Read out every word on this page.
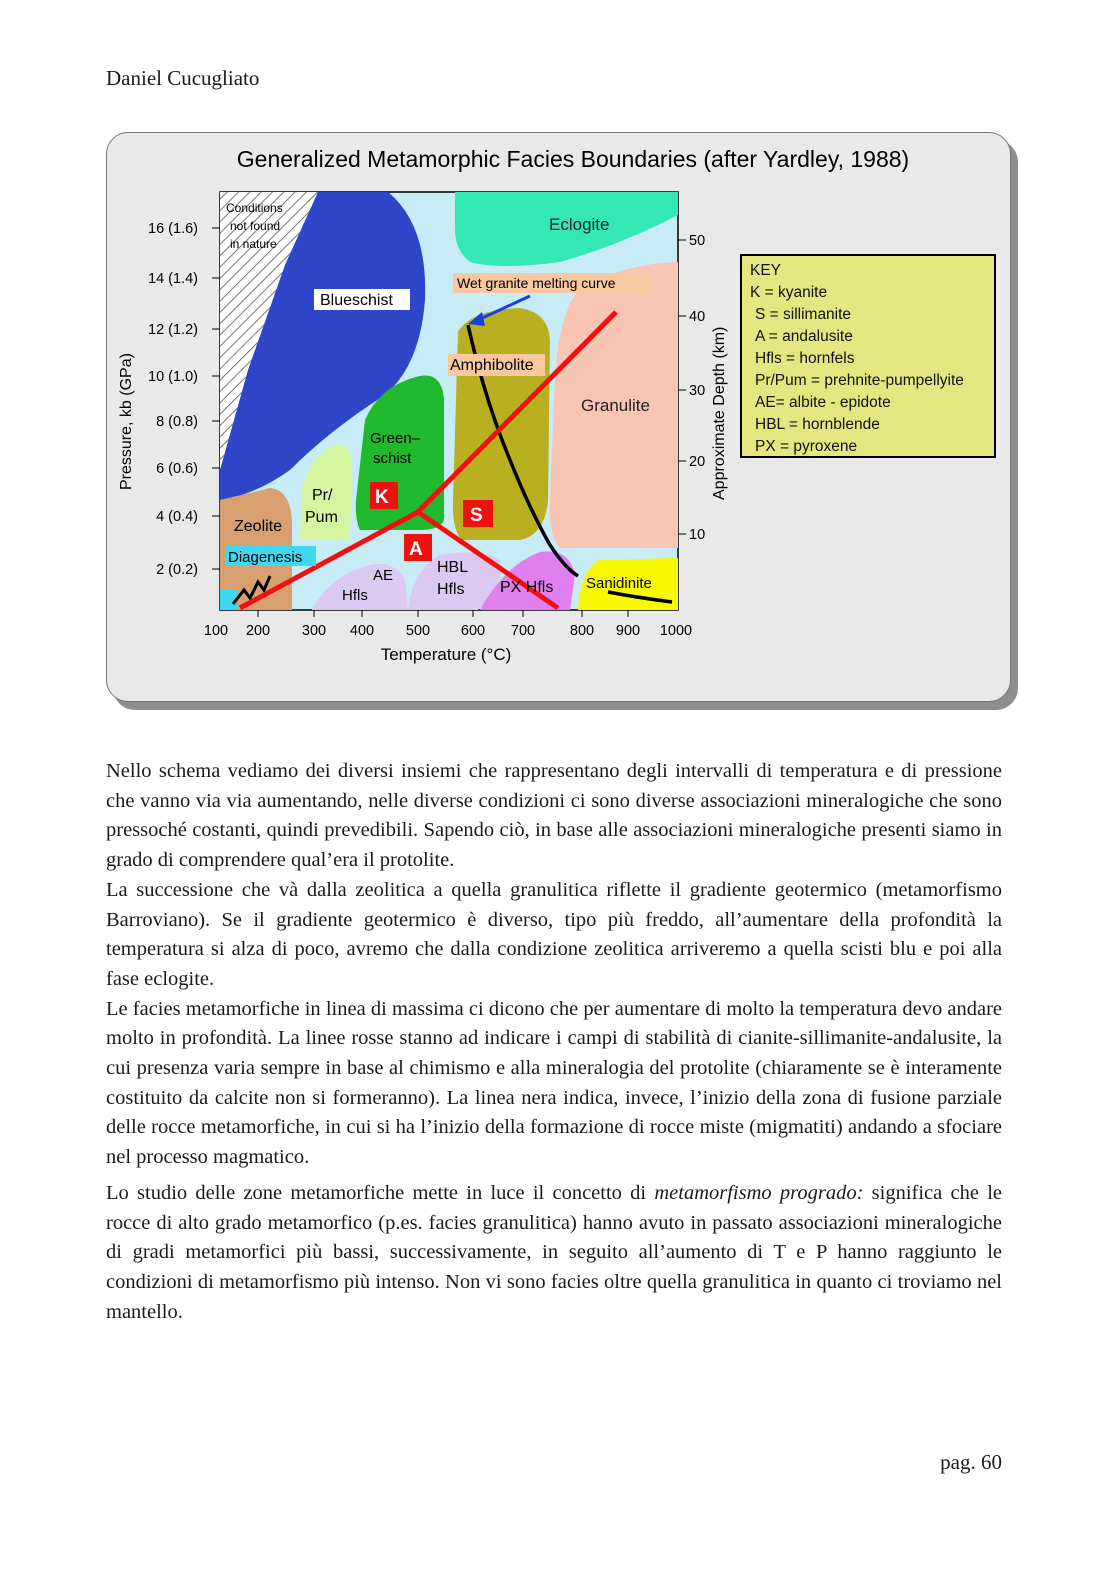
Daniel Cucugliato
Generalized Metamorphic Facies Boundaries (after Yardley, 1988)
Conditions
not found
in nature
Blueschist
Eclogite
Wet granite melting curve
Amphibolite
Granulite
Green–
schist
Pr/
Pum
Zeolite
Diagenesis
AE
Hfls
HBL
Hfls PX Hfls Sanidinite
K
A
S
16 (1.6)
14 (1.4)
12 (1.2)
10 (1.0)
8 (0.8)
6 (0.6)
4 (0.4)
2 (0.2)
Pressure, kb (GPa)
50
40
30
20
10
Approximate Depth (km)
100 200 300 400 500 600 700 800 900 1000
Temperature (°C)
KEY
K = kyanite
S = sillimanite
A = andalusite
Hfls = hornfels
Pr/Pum = prehnite-pumpellyite
AE= albite - epidote
HBL = hornblende
PX = pyroxene

Nello schema vediamo dei diversi insiemi che rappresentano degli intervalli di temperatura e di pressione che vanno via via aumentando, nelle diverse condizioni ci sono diverse associazioni mineralogiche che sono pressoché costanti, quindi prevedibili. Sapendo ciò, in base alle associazioni mineralogiche presenti siamo in grado di comprendere qual’era il protolite.

La successione che và dalla zeolitica a quella granulitica riflette il gradiente geotermico (metamorfismo Barroviano). Se il gradiente geotermico è diverso, tipo più freddo, all’aumentare della profondità la temperatura si alza di poco, avremo che dalla condizione zeolitica arriveremo a quella scisti blu e poi alla fase eclogite.

Le facies metamorfiche in linea di massima ci dicono che per aumentare di molto la temperatura devo andare molto in profondità. La linee rosse stanno ad indicare i campi di stabilità di cianite-sillimanite-andalusite, la cui presenza varia sempre in base al chimismo e alla mineralogia del protolite (chiaramente se è interamente costituito da calcite non si formeranno). La linea nera indica, invece, l’inizio della zona di fusione parziale delle rocce metamorfiche, in cui si ha l’inizio della formazione di rocce miste (migmatiti) andando a sfociare nel processo magmatico.

Lo studio delle zone metamorfiche mette in luce il concetto di metamorfismo progrado: significa che le rocce di alto grado metamorfico (p.es. facies granulitica) hanno avuto in passato associazioni mineralogiche di gradi metamorfici più bassi, successivamente, in seguito all’aumento di T e P hanno raggiunto le condizioni di metamorfismo più intenso. Non vi sono facies oltre quella granulitica in quanto ci troviamo nel mantello.

pag. 60
